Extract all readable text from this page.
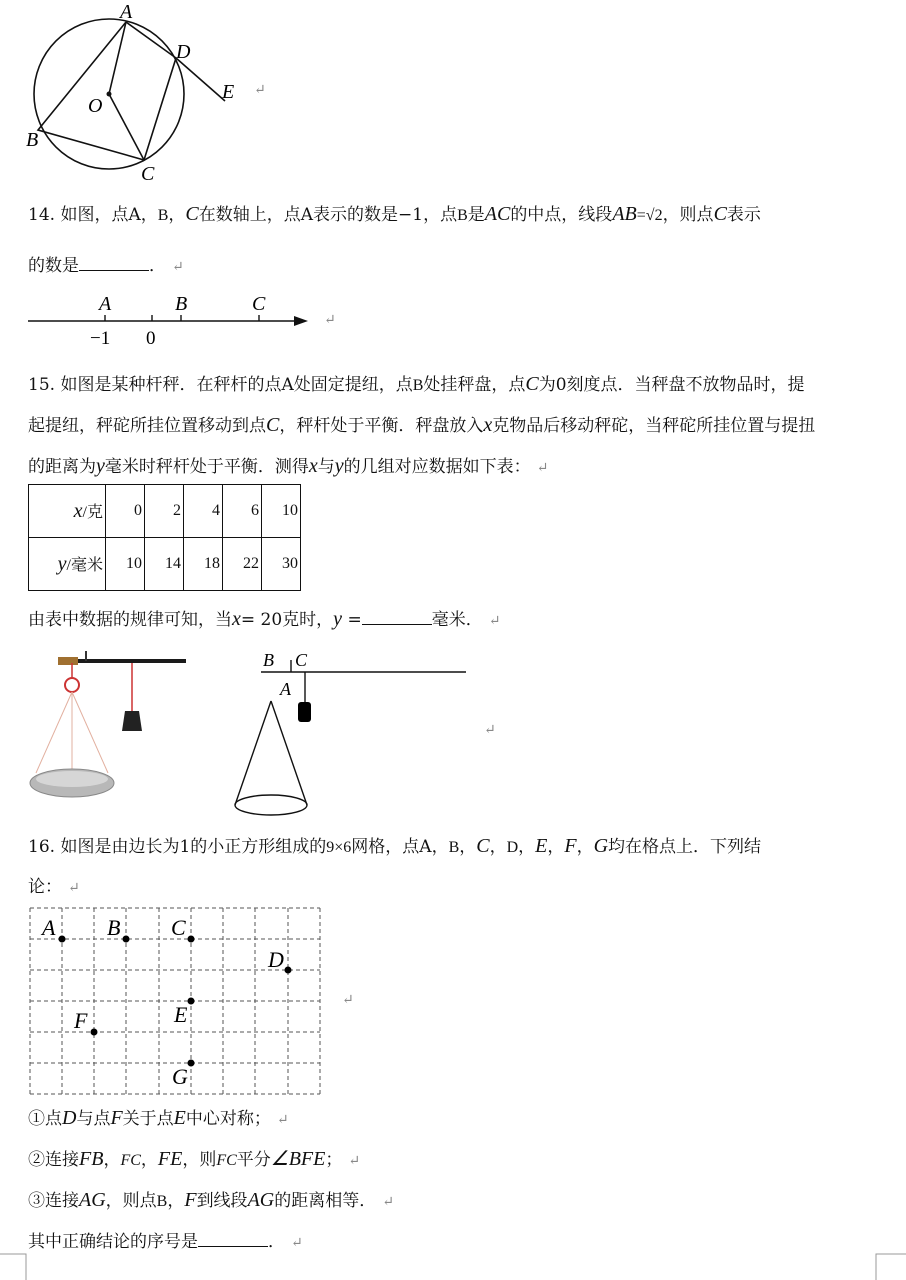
A
D
O
E
B
C
↵
14. 如图，点A，B，C在数轴上，点A表示的数是−1，点B是AC的中点，线段AB=√2，则点C表示
的数是	． ↵
A	B	C
−1 0
↵
15. 如图是某种杆秤．在秤杆的点A处固定提纽，点B处挂秤盘，点C为0刻度点．当秤盘不放物品时，提
起提纽，秤砣所挂位置移动到点C，秤杆处于平衡．秤盘放入x克物品后移动秤砣，当秤砣所挂位置与提扭
的距离为y毫米时秤杆处于平衡．测得x与y的几组对应数据如下表： ↵
x/克	0	2	4	6	10
y/毫米	10	14	18	22	30
由表中数据的规律可知，当x= 20克时，y =	毫米． ↵
B C
A
↵
16. 如图是由边长为1的小正方形组成的9×6网格，点A，B，C，D，E，F，G均在格点上．下列结
论： ↵
A B C
D
E
F
G
↵
①点D与点F关于点E中心对称； ↵
②连接FB，FC，FE，则FC平分∠BFE； ↵
③连接AG，则点B，F到线段AG的距离相等． ↵
其中正确结论的序号是	． ↵
